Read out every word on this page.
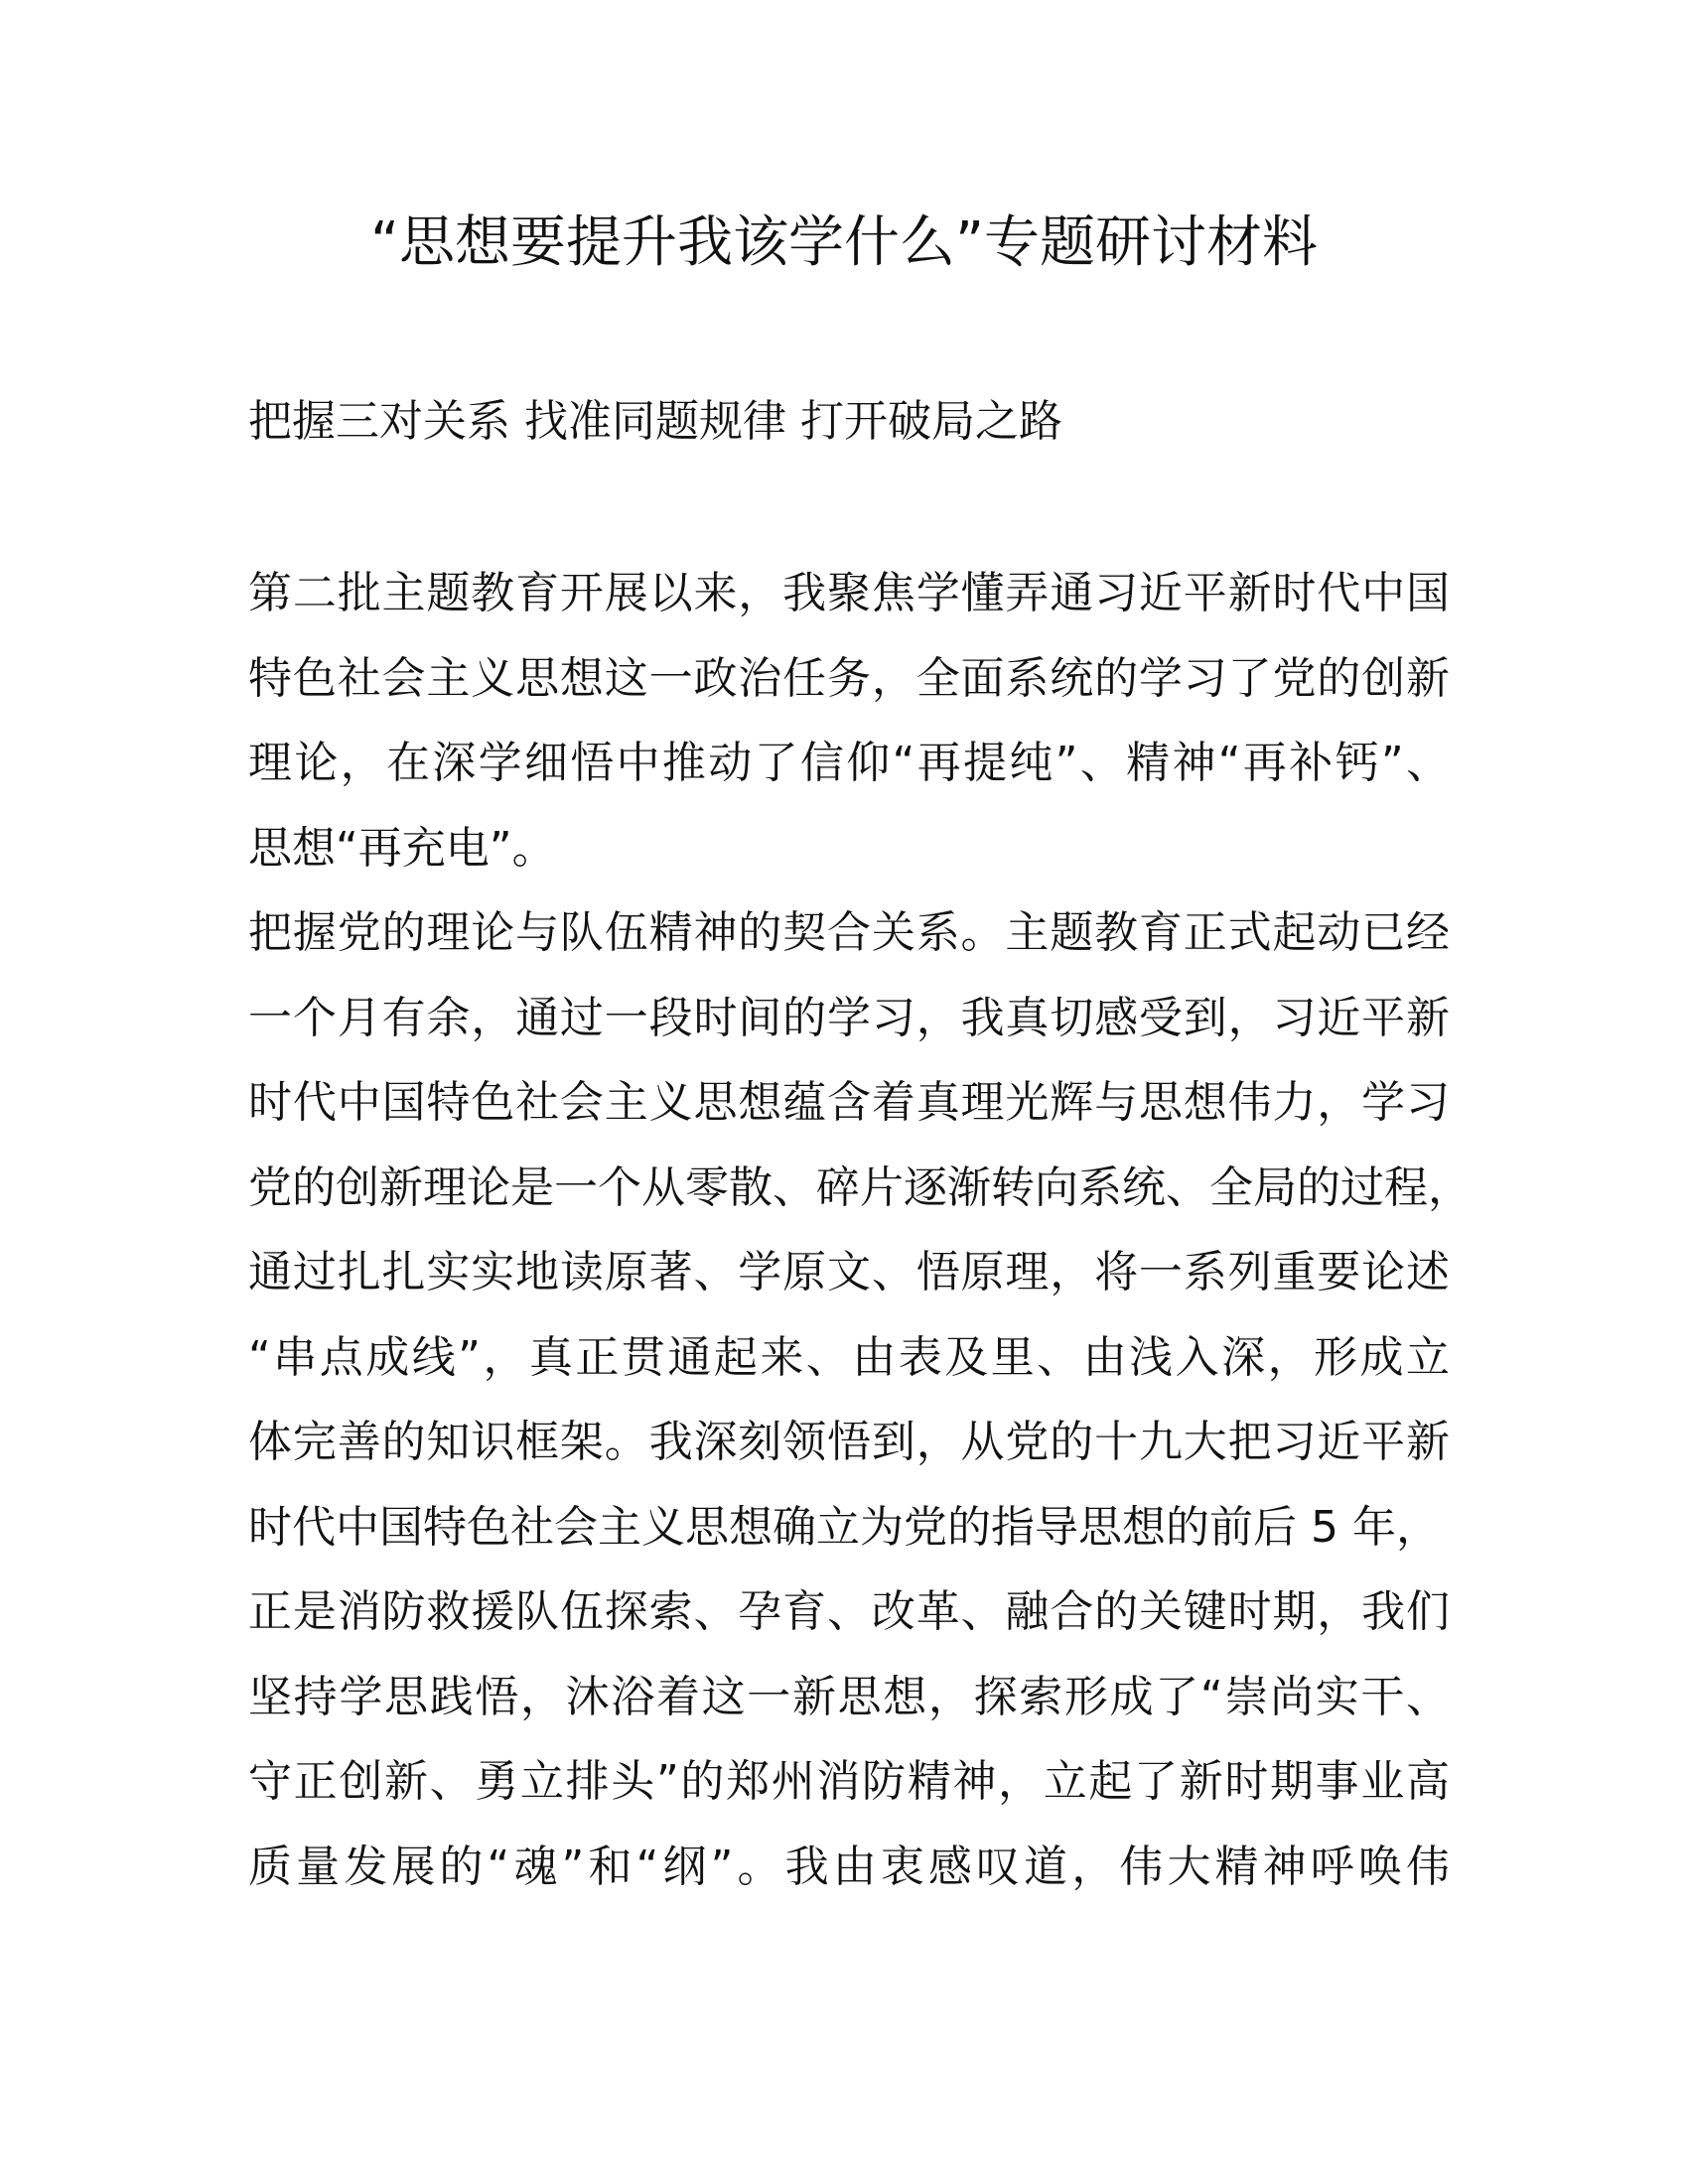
“思想要提升我该学什么”专题研讨材料

把握三对关系 找准同题规律 打开破局之路

第二批主题教育开展以来，我聚焦学懂弄通习近平新时代中国
特色社会主义思想这一政治任务，全面系统的学习了党的创新
理论，在深学细悟中推动了信仰“再提纯”、精神“再补钙”、
思想“再充电”。
把握党的理论与队伍精神的契合关系。主题教育正式起动已经
一个月有余，通过一段时间的学习，我真切感受到，习近平新
时代中国特色社会主义思想蕴含着真理光辉与思想伟力，学习
党的创新理论是一个从零散、碎片逐渐转向系统、全局的过程，
通过扎扎实实地读原著、学原文、悟原理，将一系列重要论述
“串点成线”，真正贯通起来、由表及里、由浅入深，形成立
体完善的知识框架。我深刻领悟到，从党的十九大把习近平新
时代中国特色社会主义思想确立为党的指导思想的前后 5 年，
正是消防救援队伍探索、孕育、改革、融合的关键时期，我们
坚持学思践悟，沐浴着这一新思想，探索形成了“崇尚实干、
守正创新、勇立排头”的郑州消防精神，立起了新时期事业高
质量发展的“魂”和“纲”。我由衷感叹道，伟大精神呼唤伟
